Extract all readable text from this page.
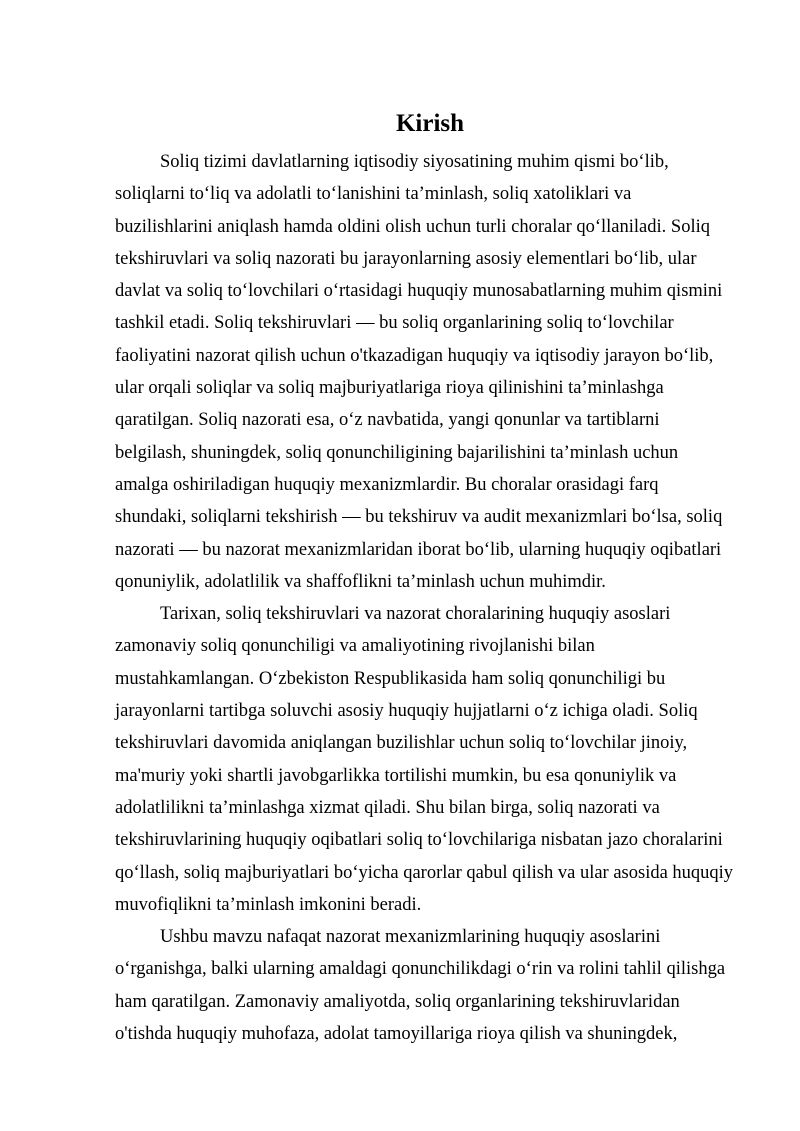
Kirish

Soliq tizimi davlatlarning iqtisodiy siyosatining muhim qismi bo‘lib,
soliqlarni to‘liq va adolatli to‘lanishini ta’minlash, soliq xatoliklari va
buzilishlarini aniqlash hamda oldini olish uchun turli choralar qo‘llaniladi. Soliq
tekshiruvlari va soliq nazorati bu jarayonlarning asosiy elementlari bo‘lib, ular
davlat va soliq to‘lovchilari o‘rtasidagi huquqiy munosabatlarning muhim qismini
tashkil etadi. Soliq tekshiruvlari — bu soliq organlarining soliq to‘lovchilar
faoliyatini nazorat qilish uchun o'tkazadigan huquqiy va iqtisodiy jarayon bo‘lib,
ular orqali soliqlar va soliq majburiyatlariga rioya qilinishini ta’minlashga
qaratilgan. Soliq nazorati esa, o‘z navbatida, yangi qonunlar va tartiblarni
belgilash, shuningdek, soliq qonunchiligining bajarilishini ta’minlash uchun
amalga oshiriladigan huquqiy mexanizmlardir. Bu choralar orasidagi farq
shundaki, soliqlarni tekshirish — bu tekshiruv va audit mexanizmlari bo‘lsa, soliq
nazorati — bu nazorat mexanizmlaridan iborat bo‘lib, ularning huquqiy oqibatlari
qonuniylik, adolatlilik va shaffoflikni ta’minlash uchun muhimdir.

Tarixan, soliq tekshiruvlari va nazorat choralarining huquqiy asoslari
zamonaviy soliq qonunchiligi va amaliyotining rivojlanishi bilan
mustahkamlangan. O‘zbekiston Respublikasida ham soliq qonunchiligi bu
jarayonlarni tartibga soluvchi asosiy huquqiy hujjatlarni o‘z ichiga oladi. Soliq
tekshiruvlari davomida aniqlangan buzilishlar uchun soliq to‘lovchilar jinoiy,
ma'muriy yoki shartli javobgarlikka tortilishi mumkin, bu esa qonuniylik va
adolatlilikni ta’minlashga xizmat qiladi. Shu bilan birga, soliq nazorati va
tekshiruvlarining huquqiy oqibatlari soliq to‘lovchilariga nisbatan jazo choralarini
qo‘llash, soliq majburiyatlari bo‘yicha qarorlar qabul qilish va ular asosida huquqiy
muvofiqlikni ta’minlash imkonini beradi.

Ushbu mavzu nafaqat nazorat mexanizmlarining huquqiy asoslarini
o‘rganishga, balki ularning amaldagi qonunchilikdagi o‘rin va rolini tahlil qilishga
ham qaratilgan. Zamonaviy amaliyotda, soliq organlarining tekshiruvlaridan
o'tishda huquqiy muhofaza, adolat tamoyillariga rioya qilish va shuningdek,
